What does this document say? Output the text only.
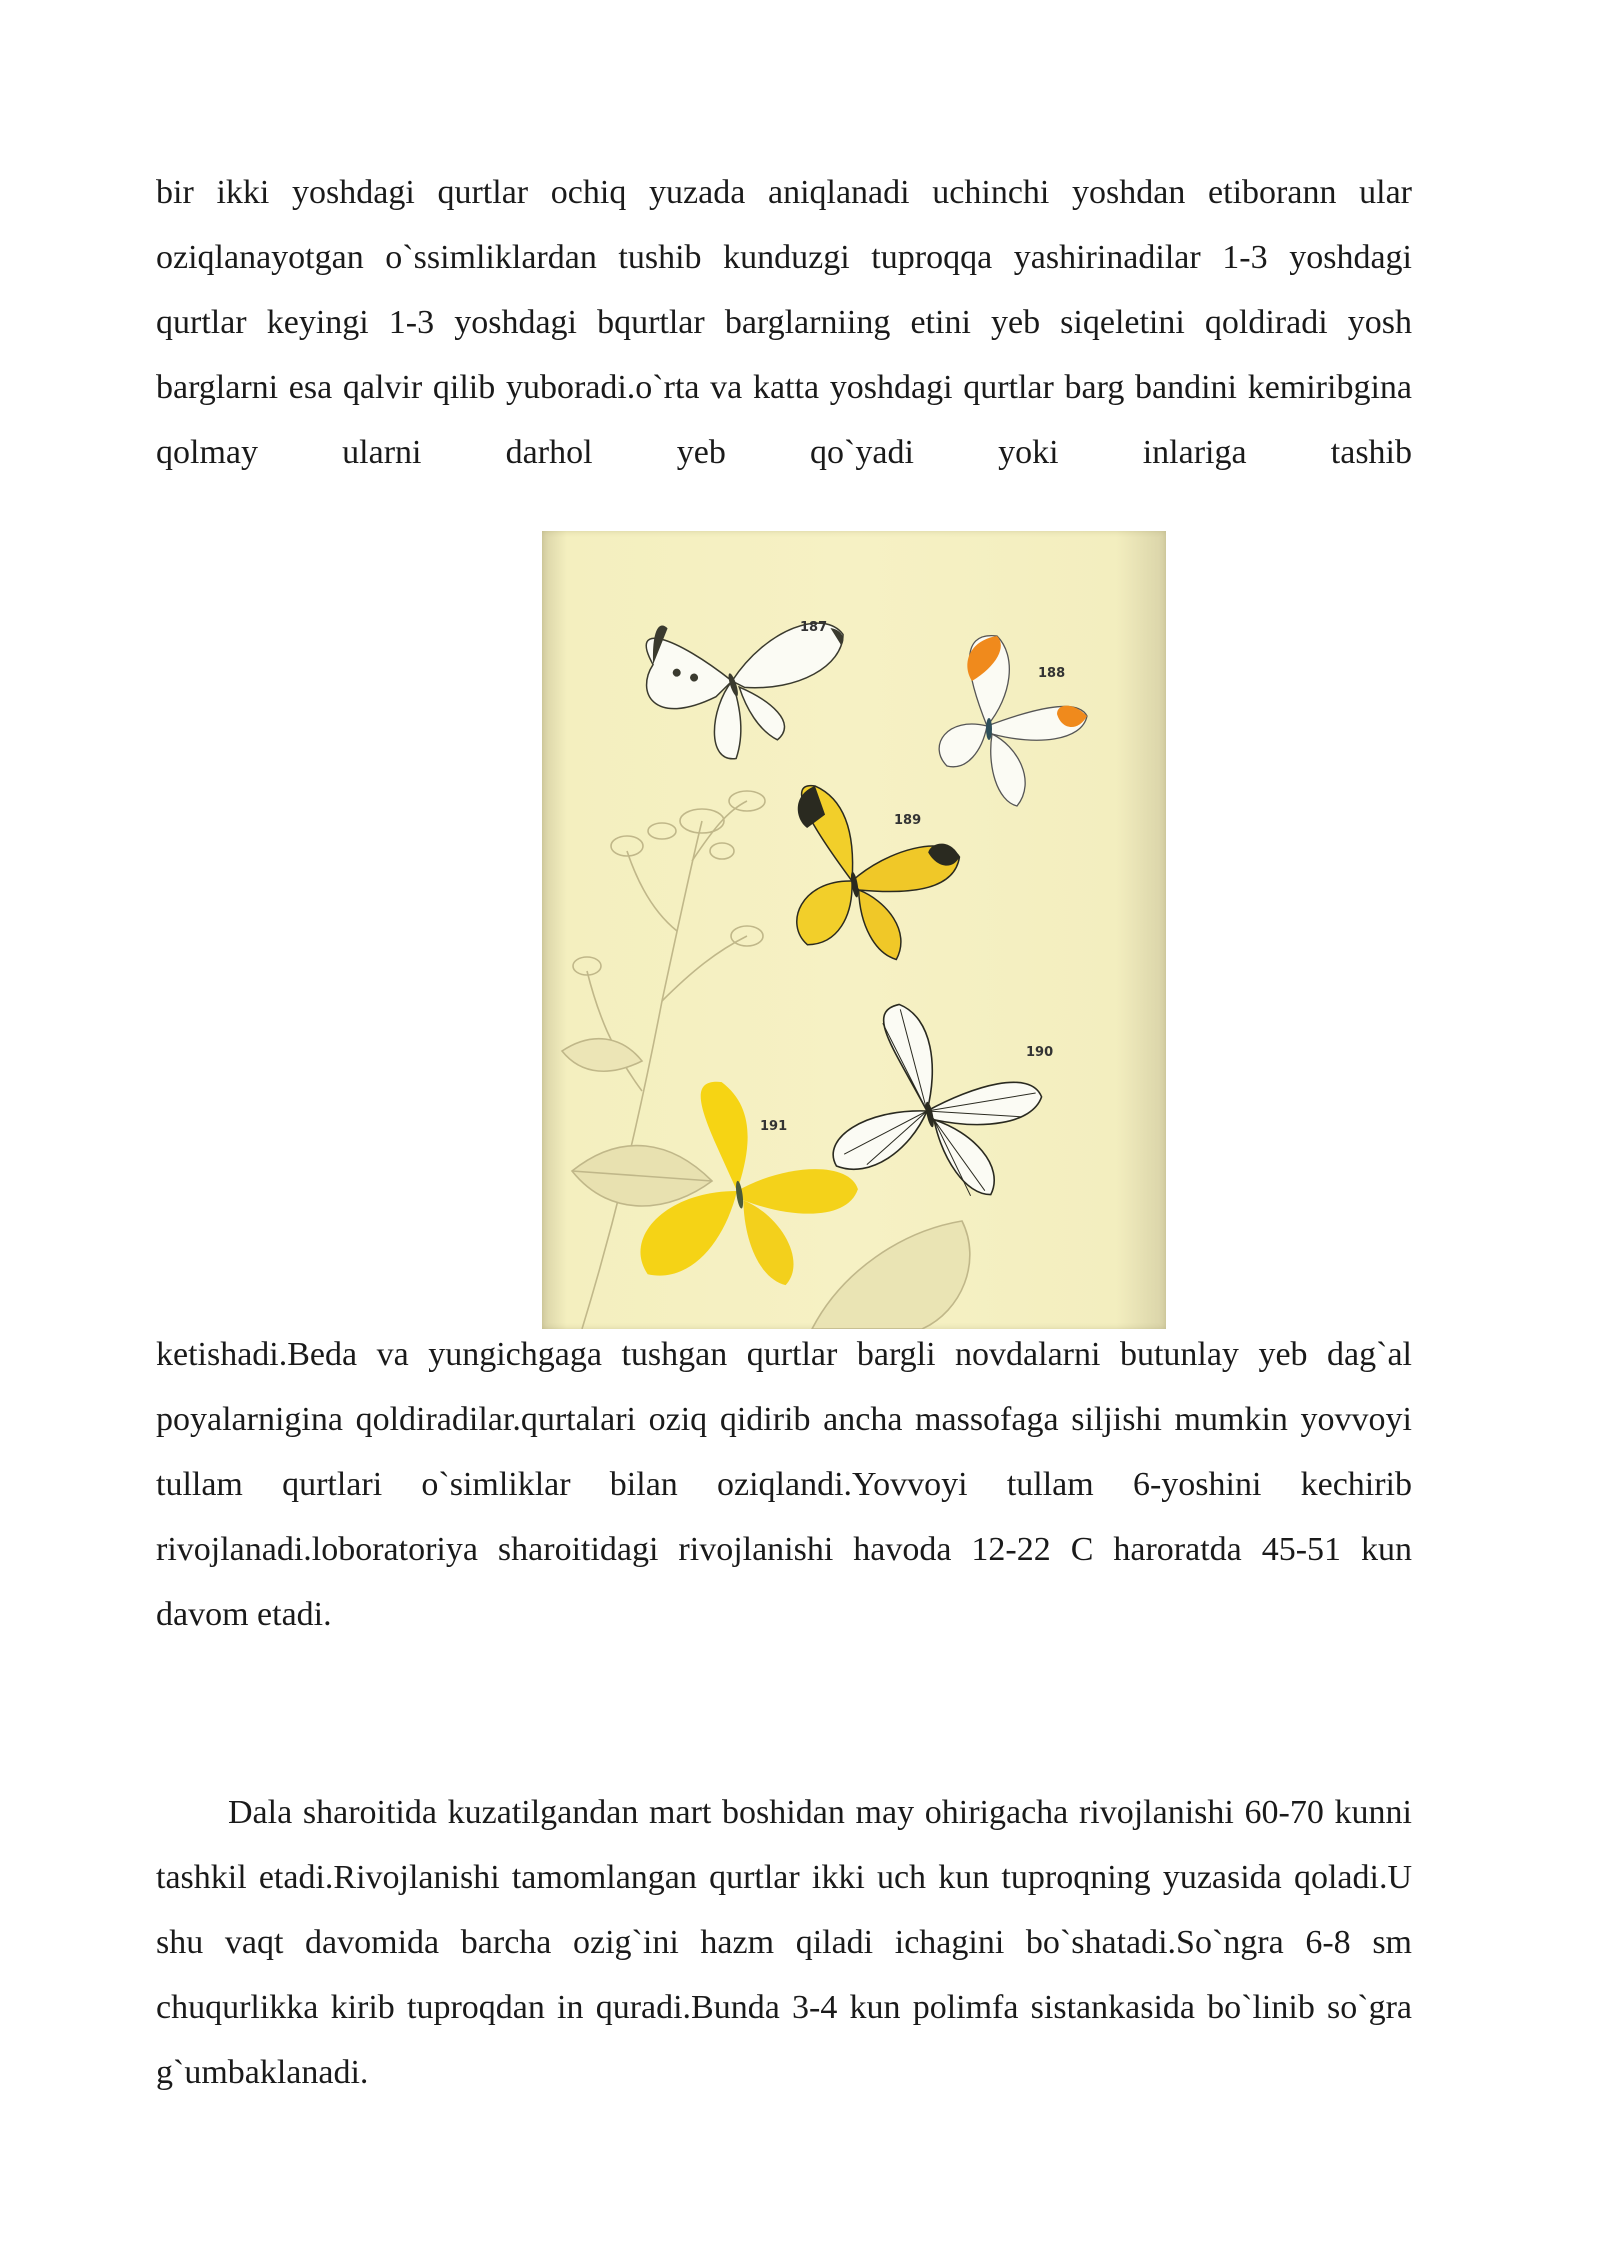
bir ikki yoshdagi qurtlar ochiq yuzada aniqlanadi uchinchi yoshdan etiborann ular oziqlanayotgan o`ssimliklardan tushib kunduzgi tuproqqa yashirinadilar 1-3 yoshdagi qurtlar keyingi 1-3 yoshdagi bqurtlar barglarniing etini yeb siqeletini qoldiradi yosh barglarni esa qalvir qilib yuboradi.o`rta va katta yoshdagi qurtlar barg bandini kemiribgina qolmay ularni darhol yeb qo`yadi yoki inlariga tashib

187
188
189
190
191

ketishadi.Beda va yungichgaga tushgan qurtlar bargli novdalarni butunlay yeb dag`al poyalarnigina qoldiradilar.qurtalari oziq qidirib ancha massofaga siljishi mumkin yovvoyi tullam qurtlari o`simliklar bilan oziqlandi.Yovvoyi tullam 6-yoshini kechirib rivojlanadi.loboratoriya sharoitidagi rivojlanishi havoda 12-22 C haroratda 45-51 kun davom etadi.

Dala sharoitida kuzatilgandan mart boshidan may ohirigacha rivojlanishi 60-70 kunni tashkil etadi.Rivojlanishi tamomlangan qurtlar ikki uch kun tuproqning yuzasida qoladi.U shu vaqt davomida barcha ozig`ini hazm qiladi ichagini bo`shatadi.So`ngra 6-8 sm chuqurlikka kirib tuproqdan in quradi.Bunda 3-4 kun polimfa sistankasida bo`linib so`gra g`umbaklanadi.
